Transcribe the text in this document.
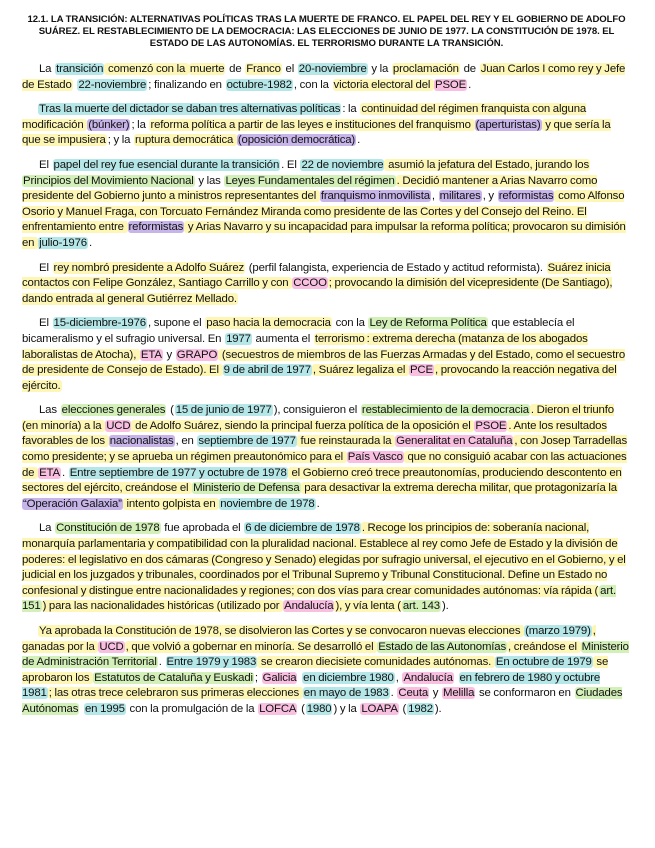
12.1. LA TRANSICIÓN: ALTERNATIVAS POLÍTICAS TRAS LA MUERTE DE FRANCO. EL PAPEL DEL REY Y EL GOBIERNO DE ADOLFO SUÁREZ. EL RESTABLECIMIENTO DE LA DEMOCRACIA: LAS ELECCIONES DE JUNIO DE 1977. LA CONSTITUCIÓN DE 1978. EL ESTADO DE LAS AUTONOMÍAS. EL TERRORISMO DURANTE LA TRANSICIÓN.

La transición comenzó con la muerte de Franco el 20-noviembre y la proclamación de Juan Carlos I como rey y Jefe de Estado 22-noviembre ; finalizando en octubre-1982 , con la victoria electoral del PSOE .

Tras la muerte del dictador se daban tres alternativas políticas : la continuidad del régimen franquista con alguna modificación (búnker) ; la reforma política a partir de las leyes e instituciones del franquismo (aperturistas) y que sería la que se impusiera ; y la ruptura democrática (oposición democrática) .

El papel del rey fue esencial durante la transición . El 22 de noviembre asumió la jefatura del Estado, jurando los Principios del Movimiento Nacional y las Leyes Fundamentales del régimen . Decidió mantener a Arias Navarro como presidente del Gobierno junto a ministros representantes del franquismo inmovilista , militares , y reformistas como Alfonso Osorio y Manuel Fraga, con Torcuato Fernández Miranda como presidente de las Cortes y del Consejo del Reino. El enfrentamiento entre reformistas y Arias Navarro y su incapacidad para impulsar la reforma política; provocaron su dimisión en julio-1976 .

El rey nombró presidente a Adolfo Suárez (perfil falangista, experiencia de Estado y actitud reformista). Suárez inicia contactos con Felipe González, Santiago Carrillo y con CCOO ; provocando la dimisión del vicepresidente (De Santiago), dando entrada al general Gutiérrez Mellado.

El 15-diciembre-1976 , supone el paso hacia la democracia con la Ley de Reforma Política que establecía el bicameralismo y el sufragio universal. En 1977 aumenta el terrorismo : extrema derecha (matanza de los abogados laboralistas de Atocha), ETA y GRAPO (secuestros de miembros de las Fuerzas Armadas y del Estado, como el secuestro de presidente de Consejo de Estado). El 9 de abril de 1977 , Suárez legaliza el PCE , provocando la reacción negativa del ejército.

Las elecciones generales ( 15 de junio de 1977 ), consiguieron el restablecimiento de la democracia . Dieron el triunfo (en minoría) a la UCD de Adolfo Suárez, siendo la principal fuerza política de la oposición el PSOE . Ante los resultados favorables de los nacionalistas , en septiembre de 1977 fue reinstaurada la Generalitat en Cataluña , con Josep Tarradellas como presidente; y se aprueba un régimen preautonómico para el País Vasco que no consiguió acabar con las actuaciones de ETA . Entre septiembre de 1977 y octubre de 1978 el Gobierno creó trece preautonomías, produciendo descontento en sectores del ejército, creándose el Ministerio de Defensa para desactivar la extrema derecha militar, que protagonizaría la “Operación Galaxia” intento golpista en noviembre de 1978 .

La Constitución de 1978 fue aprobada el 6 de diciembre de 1978 . Recoge los principios de: soberanía nacional, monarquía parlamentaria y compatibilidad con la pluralidad nacional. Establece al rey como Jefe de Estado y la división de poderes: el legislativo en dos cámaras (Congreso y Senado) elegidas por sufragio universal, el ejecutivo en el Gobierno, y el judicial en los juzgados y tribunales, coordinados por el Tribunal Supremo y Tribunal Constitucional. Define un Estado no confesional y distingue entre nacionalidades y regiones; con dos vías para crear comunidades autónomas: vía rápida ( art. 151 ) para las nacionalidades históricas (utilizado por Andalucía ), y vía lenta ( art. 143 ).

Ya aprobada la Constitución de 1978, se disolvieron las Cortes y se convocaron nuevas elecciones (marzo 1979) , ganadas por la UCD , que volvió a gobernar en minoría. Se desarrolló el Estado de las Autonomías , creándose el Ministerio de Administración Territorial . Entre 1979 y 1983 se crearon diecisiete comunidades autónomas. En octubre de 1979 se aprobaron los Estatutos de Cataluña y Euskadi ; Galicia en diciembre 1980 , Andalucía en febrero de 1980 y octubre 1981 ; las otras trece celebraron sus primeras elecciones en mayo de 1983 . Ceuta y Melilla se conformaron en Ciudades Autónomas en 1995 con la promulgación de la LOFCA ( 1980 ) y la LOAPA ( 1982 ).
